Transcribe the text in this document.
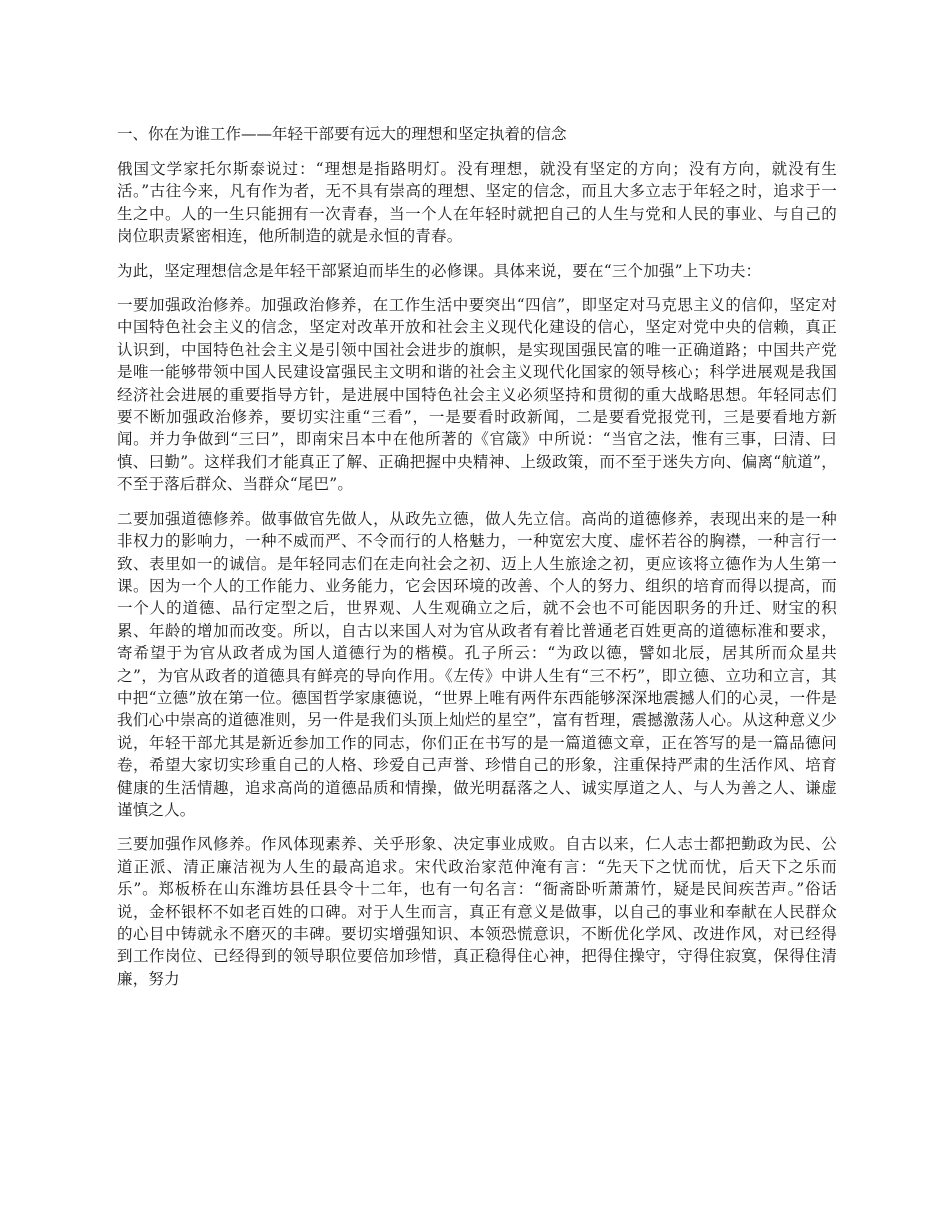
一、你在为谁工作——年轻干部要有远大的理想和坚定执着的信念

俄国文学家托尔斯泰说过：“理想是指路明灯。没有理想，就没有坚定的方向；没有方向，就没有生活。”古往今来，凡有作为者，无不具有崇高的理想、坚定的信念，而且大多立志于年轻之时，追求于一生之中。人的一生只能拥有一次青春，当一个人在年轻时就把自己的人生与党和人民的事业、与自己的岗位职责紧密相连，他所制造的就是永恒的青春。

为此，坚定理想信念是年轻干部紧迫而毕生的必修课。具体来说，要在“三个加强”上下功夫：

一要加强政治修养。加强政治修养，在工作生活中要突出“四信”，即坚定对马克思主义的信仰，坚定对中国特色社会主义的信念，坚定对改革开放和社会主义现代化建设的信心，坚定对党中央的信赖，真正认识到，中国特色社会主义是引领中国社会进步的旗帜，是实现国强民富的唯一正确道路；中国共产党是唯一能够带领中国人民建设富强民主文明和谐的社会主义现代化国家的领导核心；科学进展观是我国经济社会进展的重要指导方针，是进展中国特色社会主义必须坚持和贯彻的重大战略思想。年轻同志们要不断加强政治修养，要切实注重“三看”，一是要看时政新闻，二是要看党报党刊，三是要看地方新闻。并力争做到“三曰”，即南宋吕本中在他所著的《官箴》中所说：“当官之法，惟有三事，曰清、曰慎、曰勤”。这样我们才能真正了解、正确把握中央精神、上级政策，而不至于迷失方向、偏离“航道”，不至于落后群众、当群众“尾巴”。

二要加强道德修养。做事做官先做人，从政先立德，做人先立信。高尚的道德修养，表现出来的是一种非权力的影响力，一种不威而严、不令而行的人格魅力，一种宽宏大度、虚怀若谷的胸襟，一种言行一致、表里如一的诚信。是年轻同志们在走向社会之初、迈上人生旅途之初，更应该将立德作为人生第一课。因为一个人的工作能力、业务能力，它会因环境的改善、个人的努力、组织的培育而得以提高，而一个人的道德、品行定型之后，世界观、人生观确立之后，就不会也不可能因职务的升迁、财宝的积累、年龄的增加而改变。所以，自古以来国人对为官从政者有着比普通老百姓更高的道德标准和要求，寄希望于为官从政者成为国人道德行为的楷模。孔子所云：“为政以德，譬如北辰，居其所而众星共之”，为官从政者的道德具有鲜亮的导向作用。《左传》中讲人生有“三不朽”，即立德、立功和立言，其中把“立德”放在第一位。德国哲学家康德说，“世界上唯有两件东西能够深深地震撼人们的心灵，一件是我们心中崇高的道德准则，另一件是我们头顶上灿烂的星空”，富有哲理，震撼激荡人心。从这种意义少说，年轻干部尤其是新近参加工作的同志，你们正在书写的是一篇道德文章，正在答写的是一篇品德问卷，希望大家切实珍重自己的人格、珍爱自己声誉、珍惜自己的形象，注重保持严肃的生活作风、培育健康的生活情趣，追求高尚的道德品质和情操，做光明磊落之人、诚实厚道之人、与人为善之人、谦虚谨慎之人。

三要加强作风修养。作风体现素养、关乎形象、决定事业成败。自古以来，仁人志士都把勤政为民、公道正派、清正廉洁视为人生的最高追求。宋代政治家范仲淹有言：“先天下之忧而忧，后天下之乐而乐”。郑板桥在山东潍坊县任县令十二年，也有一句名言：“衙斋卧听萧萧竹，疑是民间疾苦声。”俗话说，金杯银杯不如老百姓的口碑。对于人生而言，真正有意义是做事，以自己的事业和奉献在人民群众的心目中铸就永不磨灭的丰碑。要切实增强知识、本领恐慌意识，不断优化学风、改进作风，对已经得到工作岗位、已经得到的领导职位要倍加珍惜，真正稳得住心神，把得住操守，守得住寂寞，保得住清廉，努力
